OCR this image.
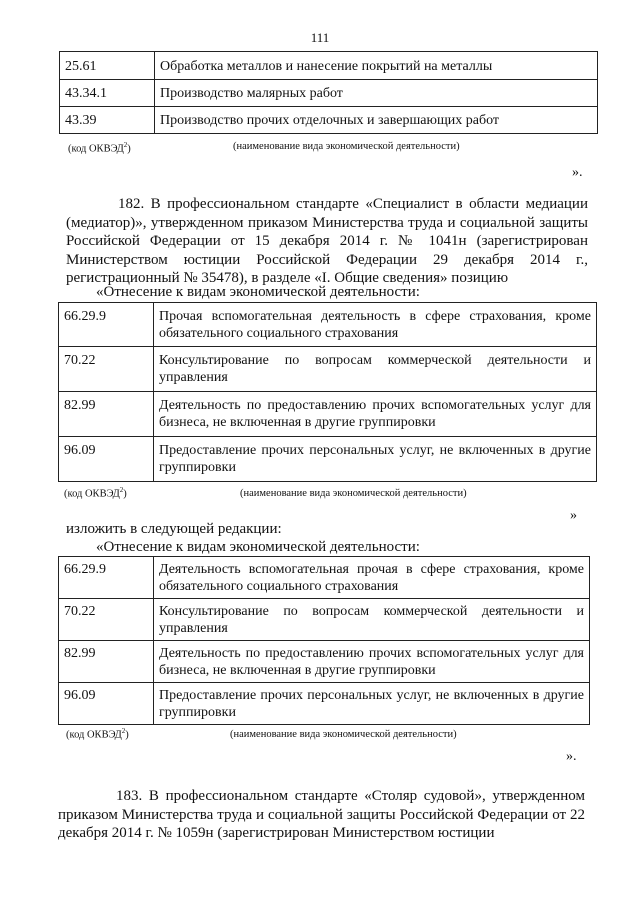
111
25.61	Обработка металлов и нанесение покрытий на металлы
43.34.1	Производство малярных работ
43.39	Производство прочих отделочных и завершающих работ
(код ОКВЭД$^2$)	(наименование вида экономической деятельности)
».
182. В профессиональном стандарте «Специалист в области медиации (медиатор)», утвержденном приказом Министерства труда и социальной защиты Российской Федерации от 15 декабря 2014 г. № 1041н (зарегистрирован Министерством юстиции Российской Федерации 29 декабря 2014 г., регистрационный № 35478), в разделе «I. Общие сведения» позицию
«Отнесение к видам экономической деятельности:
66.29.9	Прочая вспомогательная деятельность в сфере страхования, кроме обязательного социального страхования
70.22	Консультирование по вопросам коммерческой деятельности и управления
82.99	Деятельность по предоставлению прочих вспомогательных услуг для бизнеса, не включенная в другие группировки
96.09	Предоставление прочих персональных услуг, не включенных в другие группировки
(код ОКВЭД$^2$)	(наименование вида экономической деятельности)
»
изложить в следующей редакции:
«Отнесение к видам экономической деятельности:
66.29.9	Деятельность вспомогательная прочая в сфере страхования, кроме обязательного социального страхования
70.22	Консультирование по вопросам коммерческой деятельности и управления
82.99	Деятельность по предоставлению прочих вспомогательных услуг для бизнеса, не включенная в другие группировки
96.09	Предоставление прочих персональных услуг, не включенных в другие группировки
(код ОКВЭД$^2$)	(наименование вида экономической деятельности)
».
183. В профессиональном стандарте «Столяр судовой», утвержденном приказом Министерства труда и социальной защиты Российской Федерации от 22 декабря 2014 г. № 1059н (зарегистрирован Министерством юстиции
